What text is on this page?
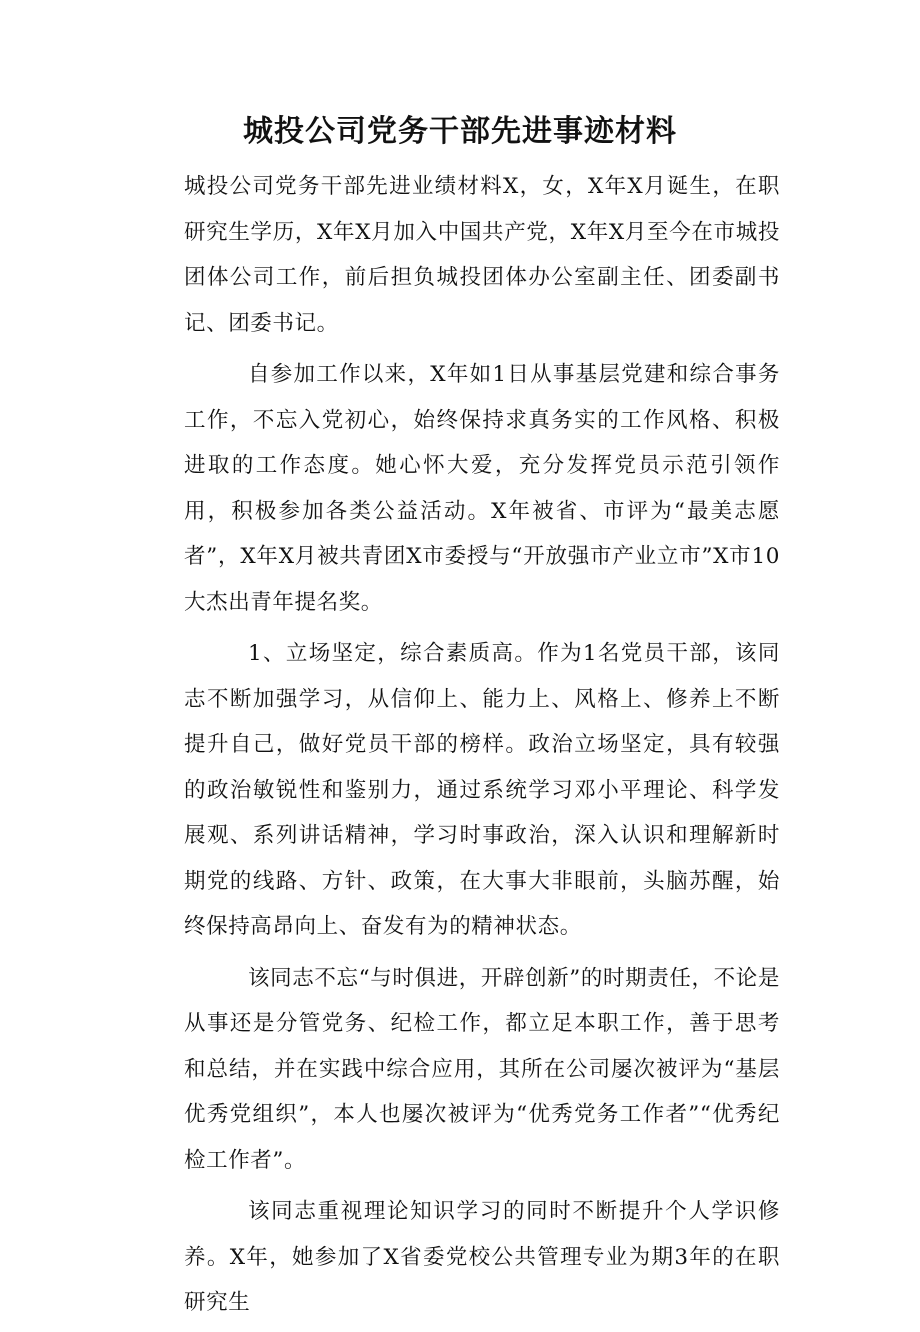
城投公司党务干部先进事迹材料

城投公司党务干部先进业绩材料X，女，X年X月诞生，在职研究生学历，X年X月加入中国共产党，X年X月至今在市城投团体公司工作，前后担负城投团体办公室副主任、团委副书记、团委书记。

自参加工作以来，X年如1日从事基层党建和综合事务工作，不忘入党初心，始终保持求真务实的工作风格、积极进取的工作态度。她心怀大爱，充分发挥党员示范引领作用，积极参加各类公益活动。X年被省、市评为“最美志愿者”，X年X月被共青团X市委授与“开放强市产业立市”X市10大杰出青年提名奖。

1、立场坚定，综合素质高。作为1名党员干部，该同志不断加强学习，从信仰上、能力上、风格上、修养上不断提升自己，做好党员干部的榜样。政治立场坚定，具有较强的政治敏锐性和鉴别力，通过系统学习邓小平理论、科学发展观、系列讲话精神，学习时事政治，深入认识和理解新时期党的线路、方针、政策，在大事大非眼前，头脑苏醒，始终保持高昂向上、奋发有为的精神状态。

该同志不忘“与时俱进，开辟创新”的时期责任，不论是从事还是分管党务、纪检工作，都立足本职工作，善于思考和总结，并在实践中综合应用，其所在公司屡次被评为“基层优秀党组织”，本人也屡次被评为“优秀党务工作者”“优秀纪检工作者”。

该同志重视理论知识学习的同时不断提升个人学识修养。X年，她参加了X省委党校公共管理专业为期3年的在职研究生
